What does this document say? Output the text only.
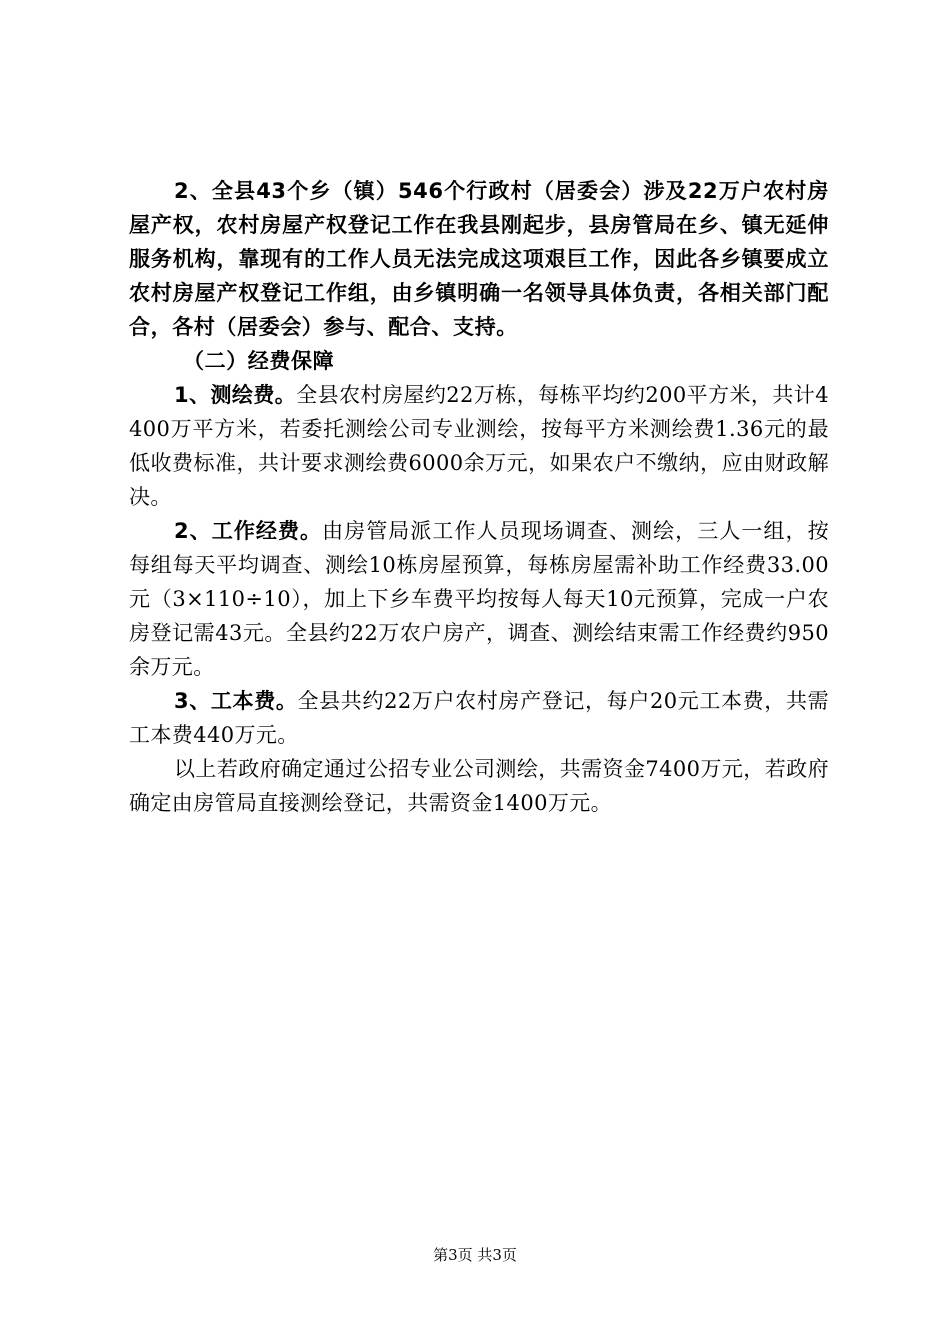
2、全县43个乡（镇）546个行政村（居委会）涉及22万户农村房屋产权，农村房屋产权登记工作在我县刚起步，县房管局在乡、镇无延伸服务机构，靠现有的工作人员无法完成这项艰巨工作，因此各乡镇要成立农村房屋产权登记工作组，由乡镇明确一名领导具体负责，各相关部门配合，各村（居委会）参与、配合、支持。

（二）经费保障

1、测绘费。全县农村房屋约22万栋，每栋平均约200平方米，共计4400万平方米，若委托测绘公司专业测绘，按每平方米测绘费1.36元的最低收费标准，共计要求测绘费6000余万元，如果农户不缴纳，应由财政解决。

2、工作经费。由房管局派工作人员现场调查、测绘，三人一组，按每组每天平均调查、测绘10栋房屋预算，每栋房屋需补助工作经费33.00元（3×110÷10），加上下乡车费平均按每人每天10元预算，完成一户农房登记需43元。全县约22万农户房产，调查、测绘结束需工作经费约950余万元。

3、工本费。全县共约22万户农村房产登记，每户20元工本费，共需工本费440万元。

以上若政府确定通过公招专业公司测绘，共需资金7400万元，若政府确定由房管局直接测绘登记，共需资金1400万元。

第3页 共3页
